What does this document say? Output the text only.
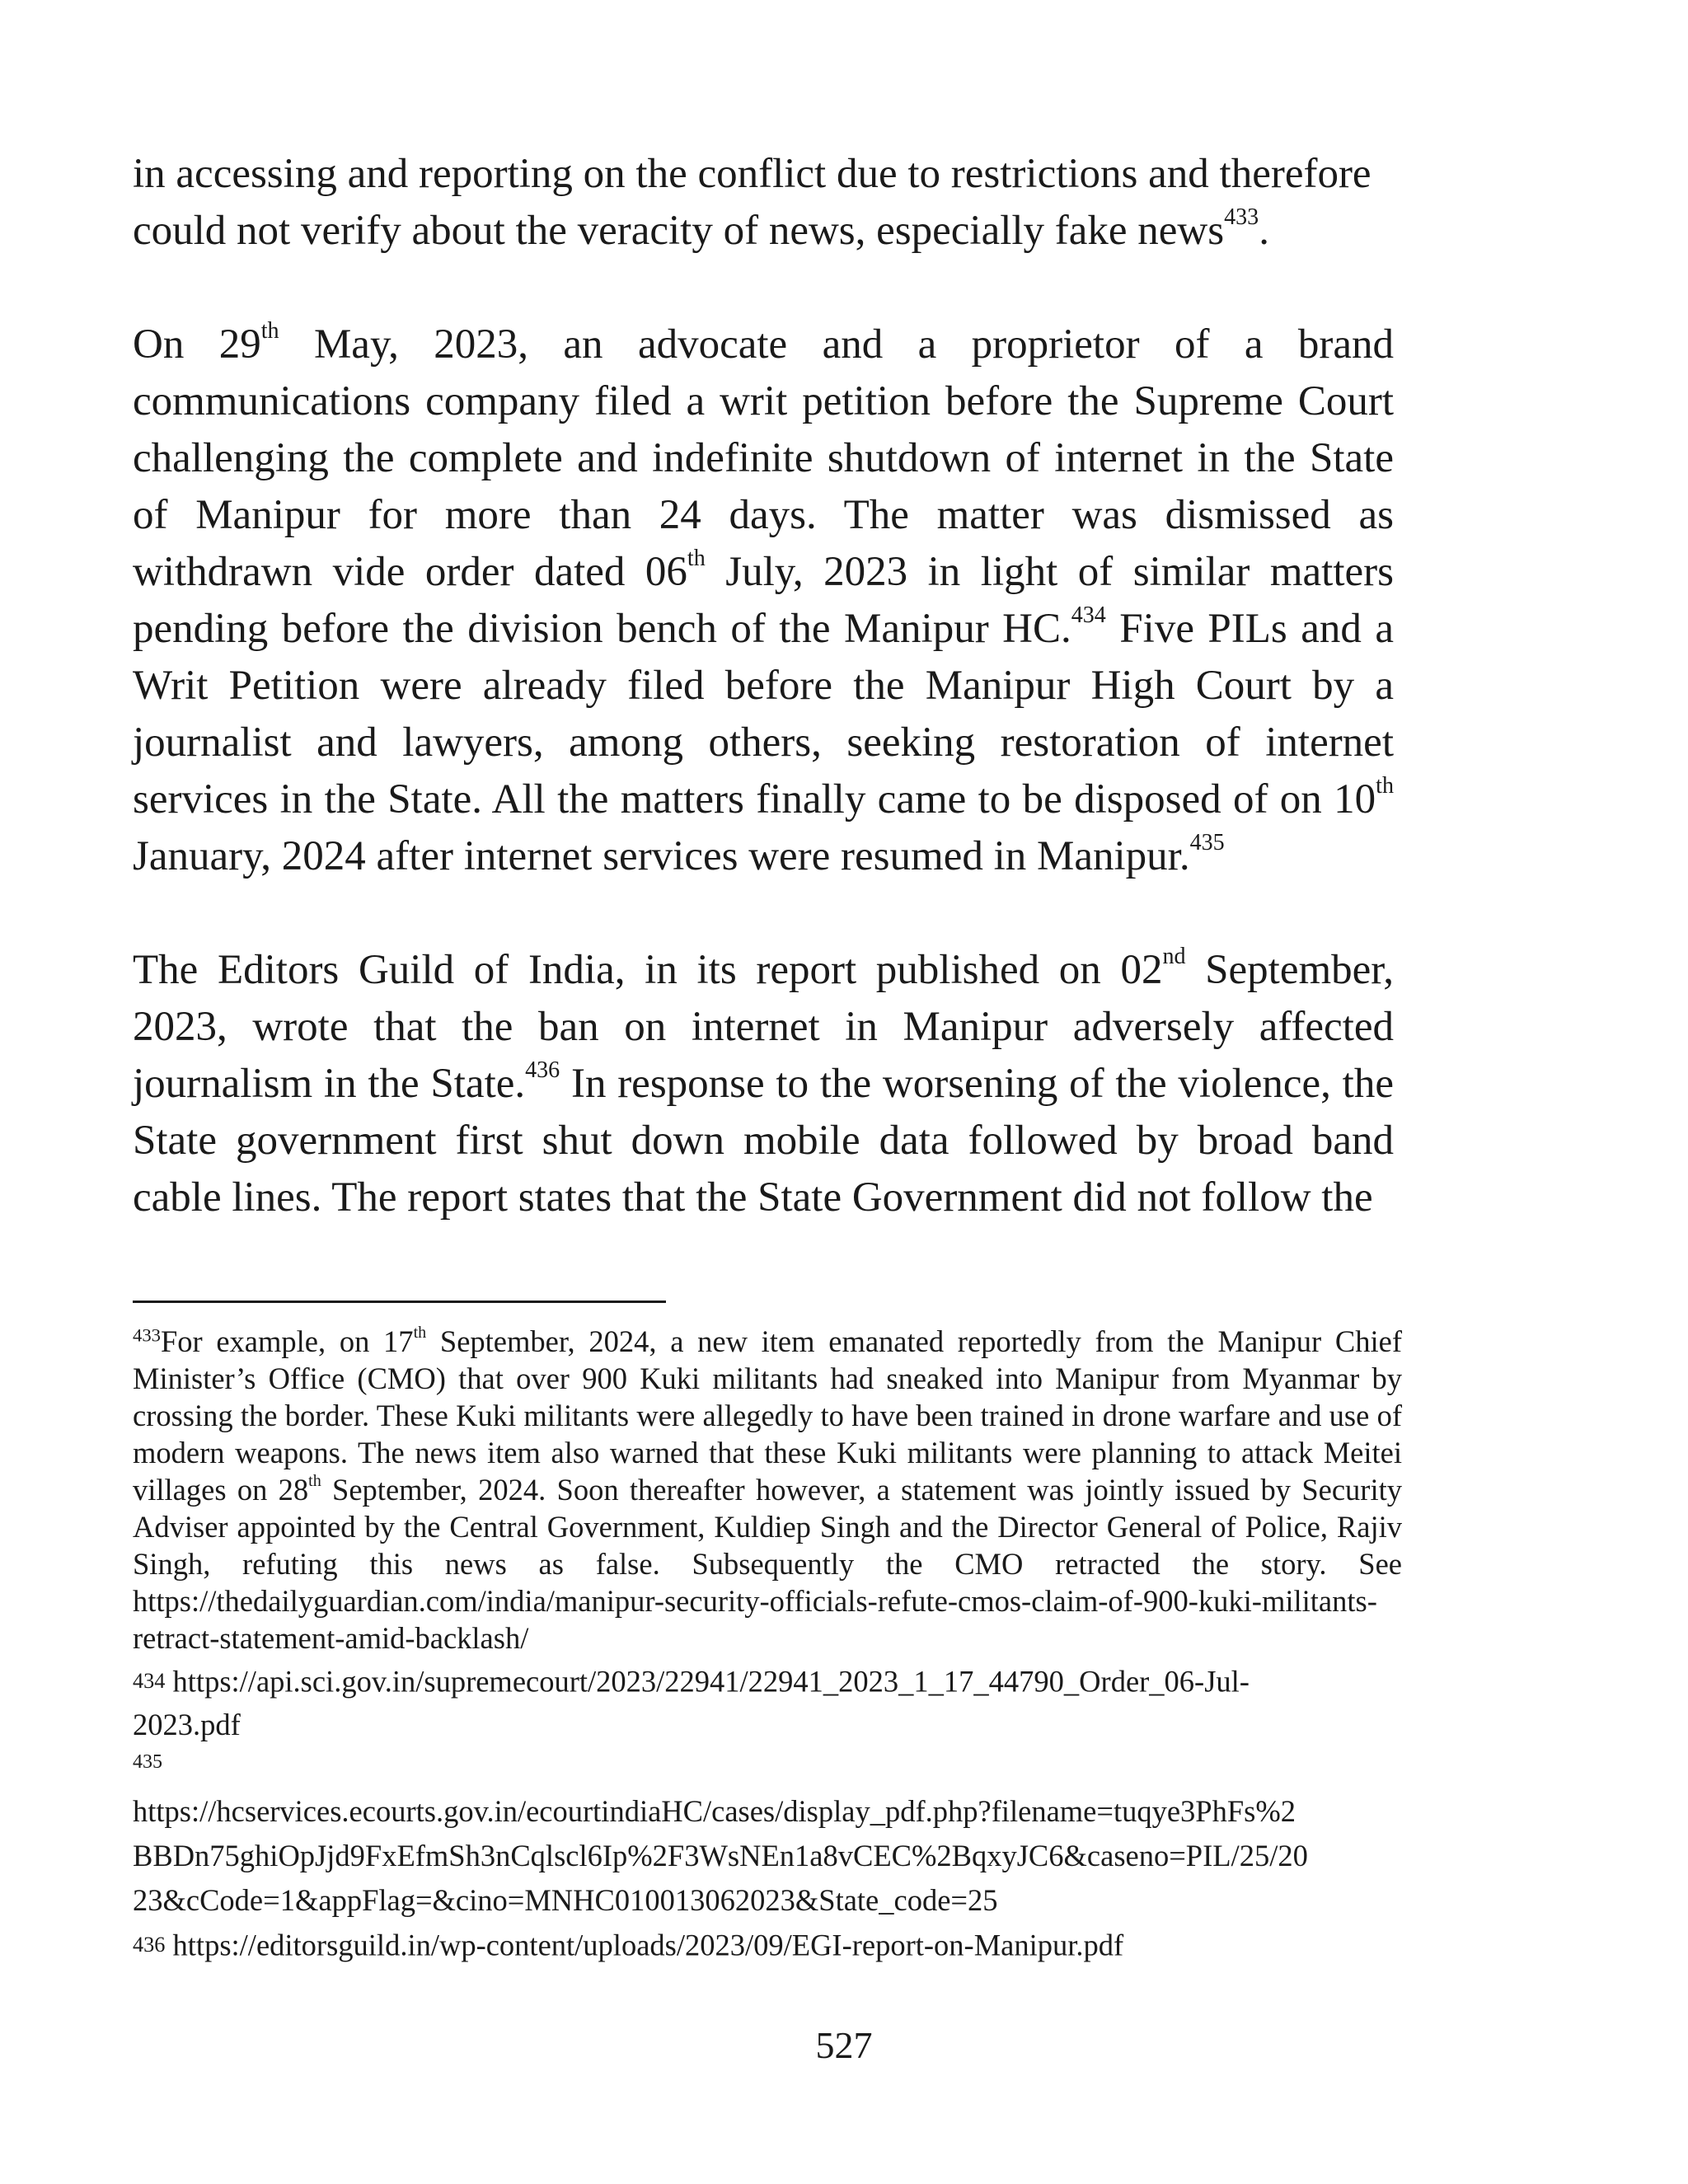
in accessing and reporting on the conflict due to restrictions and therefore could not verify about the veracity of news, especially fake news$^{433}$.

On 29th May, 2023, an advocate and a proprietor of a brand communications company filed a writ petition before the Supreme Court challenging the complete and indefinite shutdown of internet in the State of Manipur for more than 24 days. The matter was dismissed as withdrawn vide order dated 06th July, 2023 in light of similar matters pending before the division bench of the Manipur HC.$^{434}$ Five PILs and a Writ Petition were already filed before the Manipur High Court by a journalist and lawyers, among others, seeking restoration of internet services in the State. All the matters finally came to be disposed of on 10th January, 2024 after internet services were resumed in Manipur.$^{435}$

The Editors Guild of India, in its report published on 02nd September, 2023, wrote that the ban on internet in Manipur adversely affected journalism in the State.$^{436}$ In response to the worsening of the violence, the State government first shut down mobile data followed by broad band cable lines. The report states that the State Government did not follow the

$^{433}$For example, on 17th September, 2024, a new item emanated reportedly from the Manipur Chief Minister’s Office (CMO) that over 900 Kuki militants had sneaked into Manipur from Myanmar by crossing the border. These Kuki militants were allegedly to have been trained in drone warfare and use of modern weapons. The news item also warned that these Kuki militants were planning to attack Meitei villages on 28th September, 2024. Soon thereafter however, a statement was jointly issued by Security Adviser appointed by the Central Government, Kuldiep Singh and the Director General of Police, Rajiv Singh, refuting this news as false. Subsequently the CMO retracted the story. See https://thedailyguardian.com/india/manipur-security-officials-refute-cmos-claim-of-900-kuki-militants-retract-statement-amid-backlash/

434 https://api.sci.gov.in/supremecourt/2023/22941/22941_2023_1_17_44790_Order_06-Jul-
2023.pdf

435

https://hcservices.ecourts.gov.in/ecourtindiaHC/cases/display_pdf.php?filename=tuqye3PhFs%2
BBDn75ghiOpJjd9FxEfmSh3nCqlscl6Ip%2F3WsNEn1a8vCEC%2BqxyJC6&caseno=PIL/25/20
23&cCode=1&appFlag=&cino=MNHC010013062023&State_code=25

436 https://editorsguild.in/wp-content/uploads/2023/09/EGI-report-on-Manipur.pdf

527
